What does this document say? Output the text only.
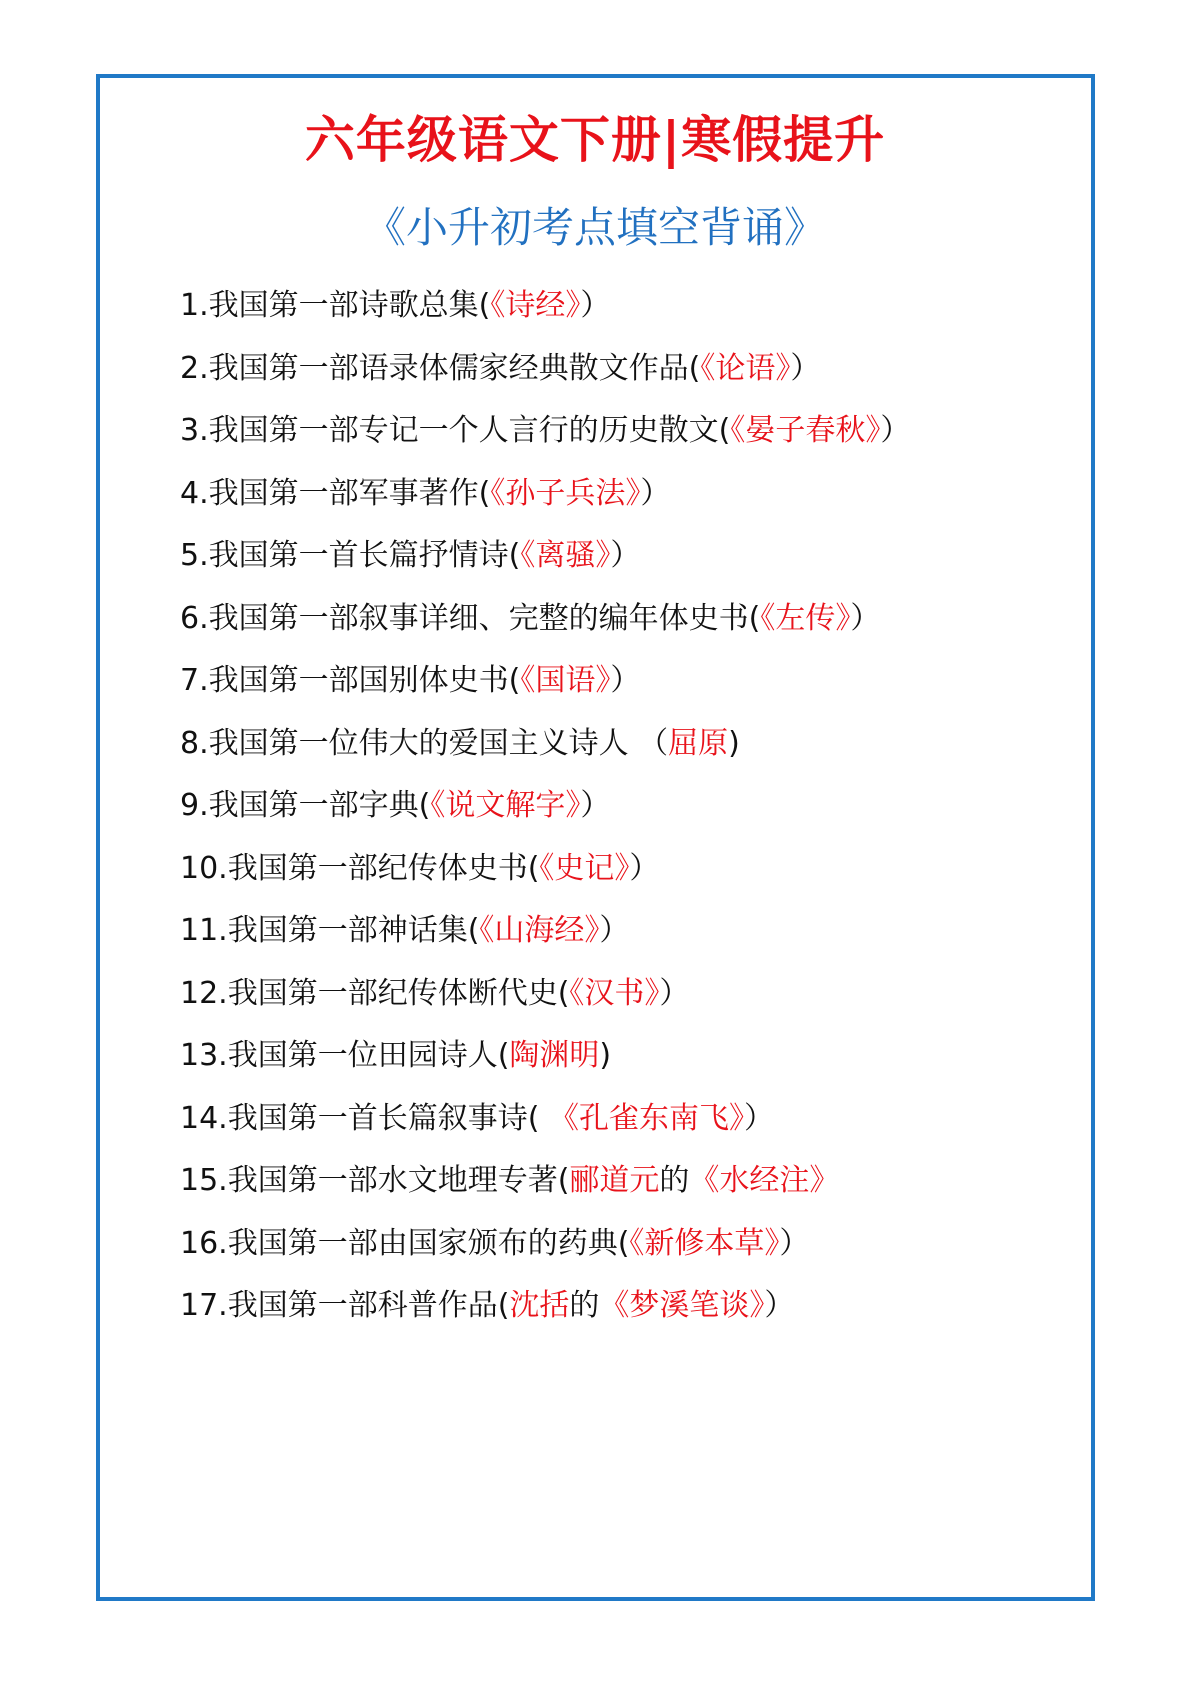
六年级语文下册|寒假提升
《小升初考点填空背诵》
1.我国第一部诗歌总集(《诗经》）
2.我国第一部语录体儒家经典散文作品(《论语》）
3.我国第一部专记一个人言行的历史散文(《晏子春秋》）
4.我国第一部军事著作(《孙子兵法》）
5.我国第一首长篇抒情诗(《离骚》）
6.我国第一部叙事详细、完整的编年体史书(《左传》）
7.我国第一部国别体史书(《国语》）
8.我国第一位伟大的爱国主义诗人 （屈原)
9.我国第一部字典(《说文解字》）
10.我国第一部纪传体史书(《史记》）
11.我国第一部神话集(《山海经》）
12.我国第一部纪传体断代史(《汉书》）
13.我国第一位田园诗人(陶渊明)
14.我国第一首长篇叙事诗( 《孔雀东南飞》）
15.我国第一部水文地理专著(郦道元的《水经注》
16.我国第一部由国家颁布的药典(《新修本草》）
17.我国第一部科普作品(沈括的《梦溪笔谈》）
